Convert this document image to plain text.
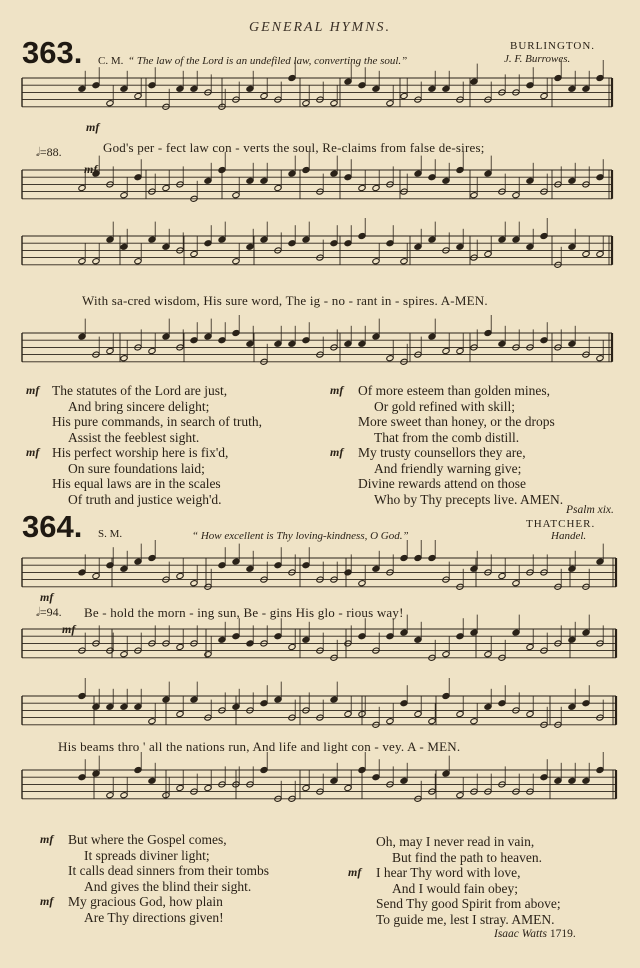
GENERAL HYMNS.
363. C. M. “ The law of the Lord is an undefiled law, converting the soul.”
BURLINGTON.
J. F. Burrowes.
mf
𝅗𝅥=88.	God's per - fect law con - verts the soul, Re-claims from false de-sires;
mf
With sa-cred wisdom, His sure word, The ig - no - rant in - spires. A-MEN.
mf The statutes of the Lord are just,
And bring sincere delight;
His pure commands, in search of truth,
Assist the feeblest sight.
mf His perfect worship here is fix'd,
On sure foundations laid;
His equal laws are in the scales
Of truth and justice weigh'd.
mf Of more esteem than golden mines,
Or gold refined with skill;
More sweet than honey, or the drops
That from the comb distill.
mf My trusty counsellors they are,
And friendly warning give;
Divine rewards attend on those
Who by Thy precepts live. AMEN.
Psalm xix.
364. S. M.	“ How excellent is Thy loving-kindness, O God.”
THATCHER.
Handel.
mf
𝅗𝅥=94. Be - hold the morn - ing sun, Be - gins His glo - rious way!
mf
His beams thro ' all the nations run, And life and light con - vey. A - MEN.
mf But where the Gospel comes,
It spreads diviner light;
It calls dead sinners from their tombs
And gives the blind their sight.
mf My gracious God, how plain
Are Thy directions given!
Oh, may I never read in vain,
But find the path to heaven.
mf I hear Thy word with love,
And I would fain obey;
Send Thy good Spirit from above;
To guide me, lest I stray. AMEN.
Isaac Watts 1719.
